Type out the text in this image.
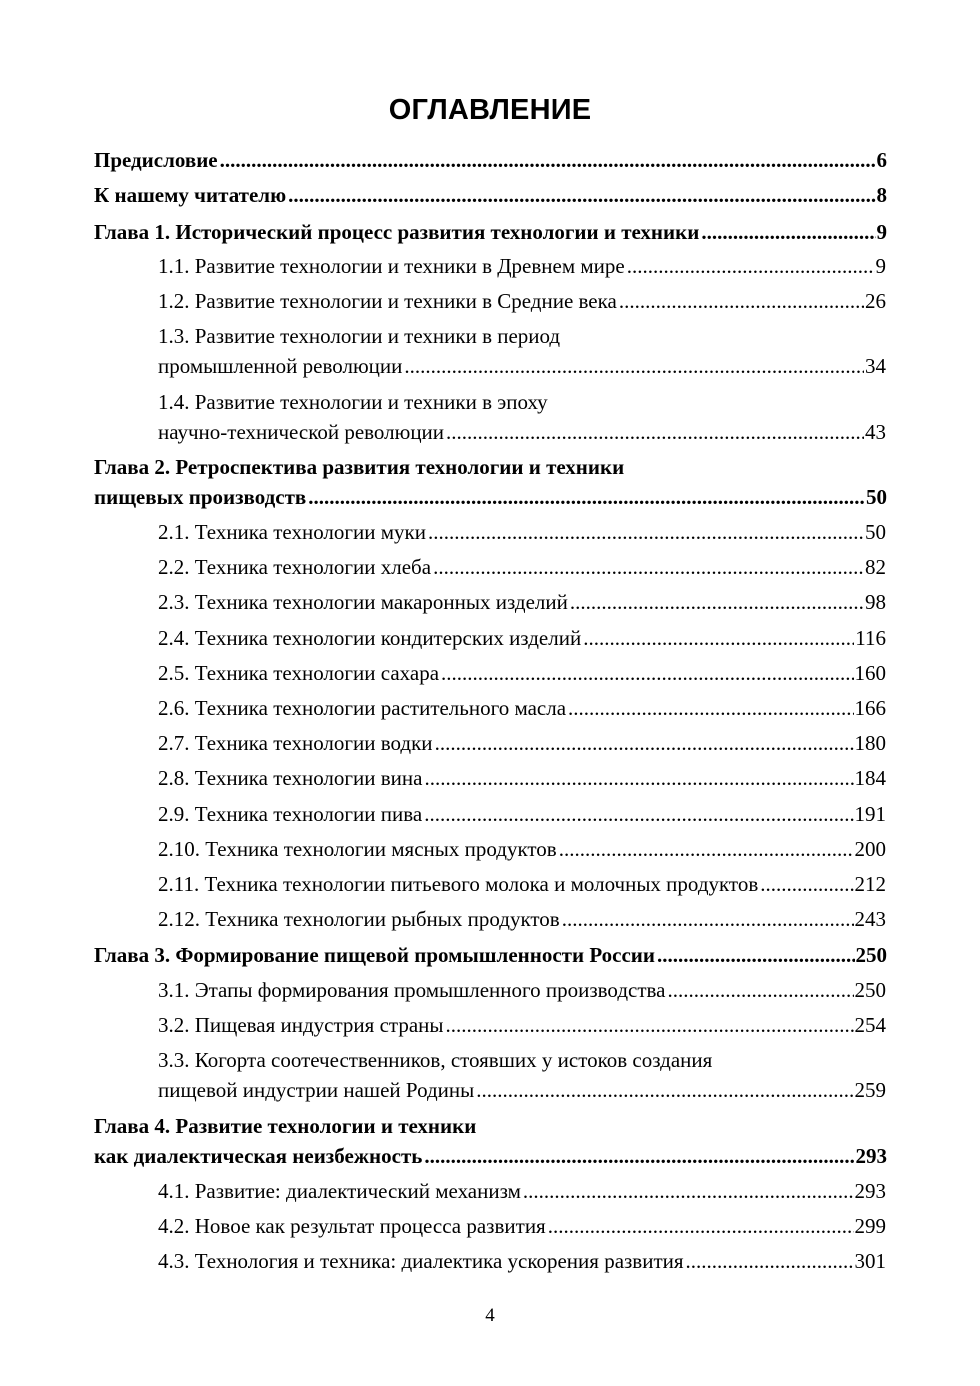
ОГЛАВЛЕНИЕ
Предисловие .....	6
К нашему читателю .....	8
Глава 1. Исторический процесс развития технологии и техники .....	9
1.1. Развитие технологии и техники в Древнем мире .....	9
1.2. Развитие технологии и техники в Средние века .....	26
1.3. Развитие технологии и техники в период
промышленной революции .....	34
1.4. Развитие технологии и техники в эпоху
научно-технической революции .....	43
Глава 2. Ретроспектива развития технологии и техники
пищевых производств .....	50
2.1. Техника технологии муки .....	50
2.2. Техника технологии хлеба .....	82
2.3. Техника технологии макаронных изделий .....	98
2.4. Техника технологии кондитерских изделий .....	116
2.5. Техника технологии сахара .....	160
2.6. Техника технологии растительного масла .....	166
2.7. Техника технологии водки .....	180
2.8. Техника технологии вина .....	184
2.9. Техника технологии пива .....	191
2.10. Техника технологии мясных продуктов .....	200
2.11. Техника технологии питьевого молока и молочных продуктов .....	212
2.12. Техника технологии рыбных продуктов .....	243
Глава 3. Формирование пищевой промышленности России .....	250
3.1. Этапы формирования промышленного производства .....	250
3.2. Пищевая индустрия страны .....	254
3.3. Когорта соотечественников, стоявших у истоков создания
пищевой индустрии нашей Родины .....	259
Глава 4. Развитие технологии и техники
как диалектическая неизбежность .....	293
4.1. Развитие: диалектический механизм .....	293
4.2. Новое как результат процесса развития .....	299
4.3. Технология и техника: диалектика ускорения развития .....	301
4
